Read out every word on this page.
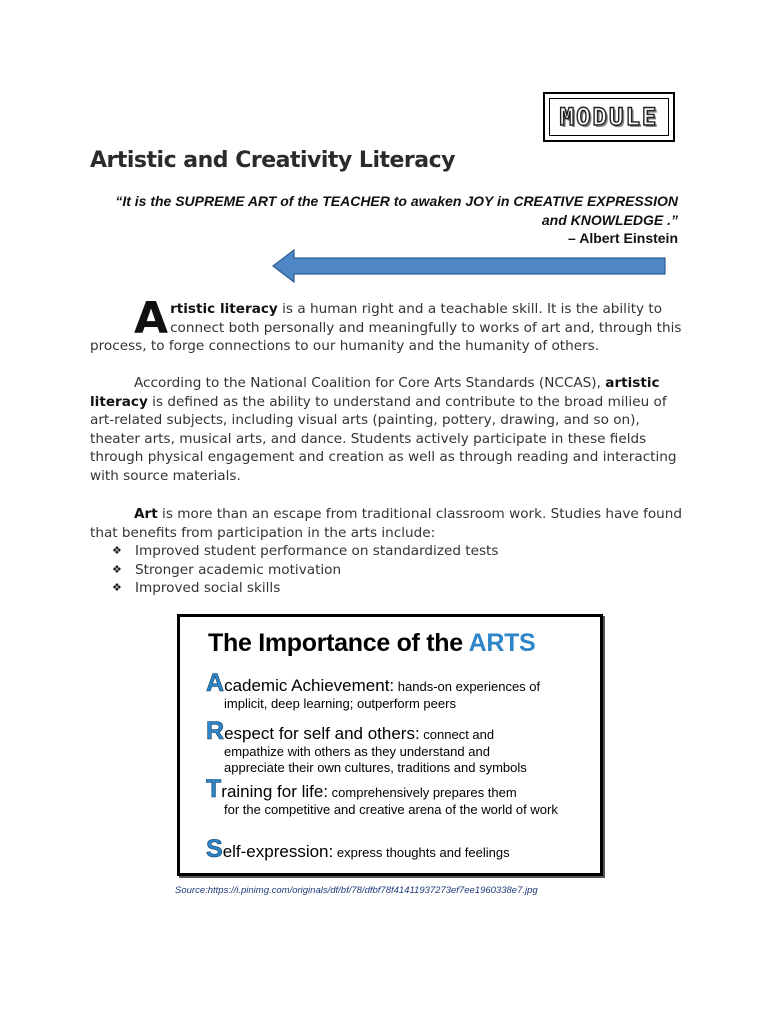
MODULE
Artistic and Creativity Literacy
“It is the SUPREME ART of the TEACHER to awaken JOY in CREATIVE EXPRESSION and KNOWLEDGE .”
– Albert Einstein

Artistic literacy is a human right and a teachable skill. It is the ability to connect both personally and meaningfully to works of art and, through this process, to forge connections to our humanity and the humanity of others.

According to the National Coalition for Core Arts Standards (NCCAS), artistic literacy is defined as the ability to understand and contribute to the broad milieu of art-related subjects, including visual arts (painting, pottery, drawing, and so on), theater arts, musical arts, and dance. Students actively participate in these fields through physical engagement and creation as well as through reading and interacting with source materials.

Art is more than an escape from traditional classroom work. Studies have found that benefits from participation in the arts include:

❖ Improved student performance on standardized tests
❖ Stronger academic motivation
❖ Improved social skills
The Importance of the ARTS
Academic Achievement: hands-on experiences of
implicit, deep learning; outperform peers
Respect for self and others: connect and
empathize with others as they understand and appreciate their own cultures, traditions and symbols
Training for life: comprehensively prepares them
for the competitive and creative arena of the world of work
Self-expression: express thoughts and feelings
Source:https://i.pinimg.com/originals/df/bf/78/dfbf78f41411937273ef7ee1960338e7.jpg
